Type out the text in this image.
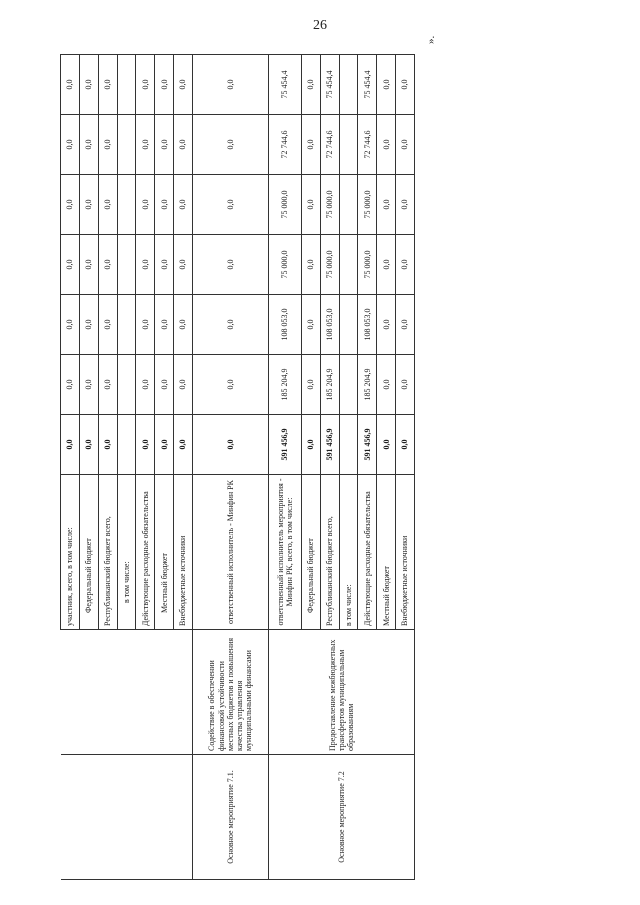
26
».
		участник, всего, в том числе:	0,0	0,0	0,0	0,0	0,0	0,0	0,0
		Федеральный бюджет	0,0	0,0	0,0	0,0	0,0	0,0	0,0
		Республиканский бюджет всего,	0,0	0,0	0,0	0,0	0,0	0,0	0,0
		в том числе:							
		Действующие расходные обязательства	0,0	0,0	0,0	0,0	0,0	0,0	0,0
		Местный бюджет	0,0	0,0	0,0	0,0	0,0	0,0	0,0
		Внебюджетные источники	0,0	0,0	0,0	0,0	0,0	0,0	0,0
Основное мероприятие 7.1.	Содействие в обеспечении финансовой устойчивости местных бюджетов и повышения качества управления муниципальными финансами	ответственный исполнитель - Минфин РК	0,0	0,0	0,0	0,0	0,0	0,0	0,0
Основное мероприятие 7.2	Предоставление межбюджетных трансфертов муниципальным образованиям	ответственный исполнитель мероприятия - Минфин РК, всего, в том числе:	591 456,9	185 204,9	108 053,0	75 000,0	75 000,0	72 744,6	75 454,4
		Федеральный бюджет	0,0	0,0	0,0	0,0	0,0	0,0	0,0
		Республиканский бюджет всего,	591 456,9	185 204,9	108 053,0	75 000,0	75 000,0	72 744,6	75 454,4
		в том числе:							
		Действующие расходные обязательства	591 456,9	185 204,9	108 053,0	75 000,0	75 000,0	72 744,6	75 454,4
		Местный бюджет	0,0	0,0	0,0	0,0	0,0	0,0	0,0
		Внебюджетные источники	0,0	0,0	0,0	0,0	0,0	0,0	0,0
